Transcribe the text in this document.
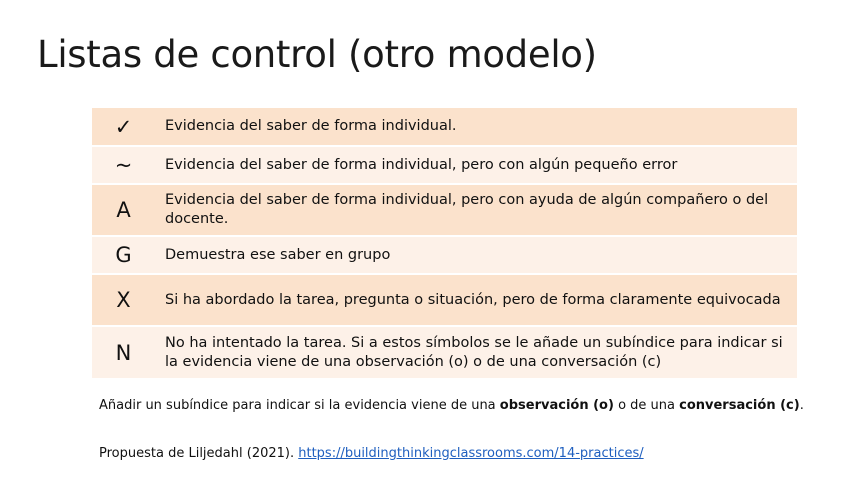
Listas de control (otro modelo)
✓	Evidencia del saber de forma individual.
~	Evidencia del saber de forma individual, pero con algún pequeño error
A	Evidencia del saber de forma individual, pero con ayuda de algún compañero o del docente.
G	Demuestra ese saber en grupo
X	Si ha abordado la tarea, pregunta o situación, pero de forma claramente equivocada
N	No ha intentado la tarea. Si a estos símbolos se le añade un subíndice para indicar si la evidencia viene de una observación (o) o de una conversación (c)
Añadir un subíndice para indicar si la evidencia viene de una observación (o) o de una conversación (c).
Propuesta de Liljedahl (2021). https://buildingthinkingclassrooms.com/14-practices/
